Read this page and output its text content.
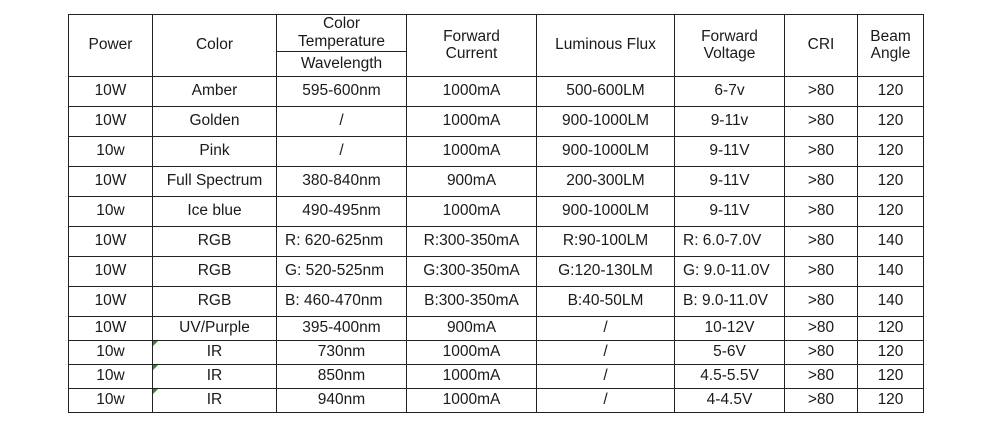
Power	Color	Color Temperature	Forward Current	Luminous Flux	Forward Voltage	CRI	Beam Angle
		Wavelength					
10W	Amber	595-600nm	1000mA	500-600LM	6-7v	>80	120
10W	Golden	/	1000mA	900-1000LM	9-11v	>80	120
10w	Pink	/	1000mA	900-1000LM	9-11V	>80	120
10W	Full Spectrum	380-840nm	900mA	200-300LM	9-11V	>80	120
10w	Ice blue	490-495nm	1000mA	900-1000LM	9-11V	>80	120
10W	RGB	R: 620-625nm	R:300-350mA	R:90-100LM	R: 6.0-7.0V	>80	140
10W	RGB	G: 520-525nm	G:300-350mA	G:120-130LM	G: 9.0-11.0V	>80	140
10W	RGB	B: 460-470nm	B:300-350mA	B:40-50LM	B: 9.0-11.0V	>80	140
10W	UV/Purple	395-400nm	900mA	/	10-12V	>80	120
10w	IR	730nm	1000mA	/	5-6V	>80	120
10w	IR	850nm	1000mA	/	4.5-5.5V	>80	120
10w	IR	940nm	1000mA	/	4-4.5V	>80	120
